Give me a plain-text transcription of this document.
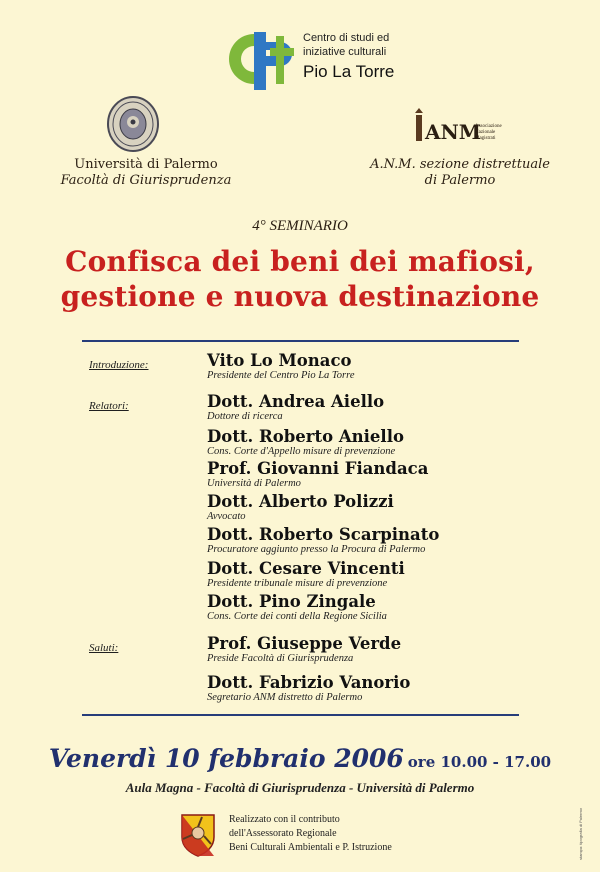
Centro di studi ed
iniziative culturali
Pio La Torre
Università di Palermo
Facoltà di Giurisprudenza
ANM
Associazione
Nazionale
Magistrati
A.N.M. sezione distrettuale
di Palermo
4° SEMINARIO
Confisca dei beni dei mafiosi,
gestione e nuova destinazione
Introduzione:
Relatori:
Saluti:
Vito Lo Monaco
Presidente del Centro Pio La Torre
Dott. Andrea Aiello
Dottore di ricerca
Dott. Roberto Aniello
Cons. Corte d'Appello misure di prevenzione
Prof. Giovanni Fiandaca
Università di Palermo
Dott. Alberto Polizzi
Avvocato
Dott. Roberto Scarpinato
Procuratore aggiunto presso la Procura di Palermo
Dott. Cesare Vincenti
Presidente tribunale misure di prevenzione
Dott. Pino Zingale
Cons. Corte dei conti della Regione Sicilia
Prof. Giuseppe Verde
Preside Facoltà di Giurisprudenza
Dott. Fabrizio Vanorio
Segretario ANM distretto di Palermo
Venerdì 10 febbraio 2006 ore 10.00 - 17.00
Aula Magna - Facoltà di Giurisprudenza - Università di Palermo
Realizzato con il contributo
dell'Assessorato Regionale
Beni Culturali Ambientali e P. Istruzione	stampa: tipografia di Palermo
